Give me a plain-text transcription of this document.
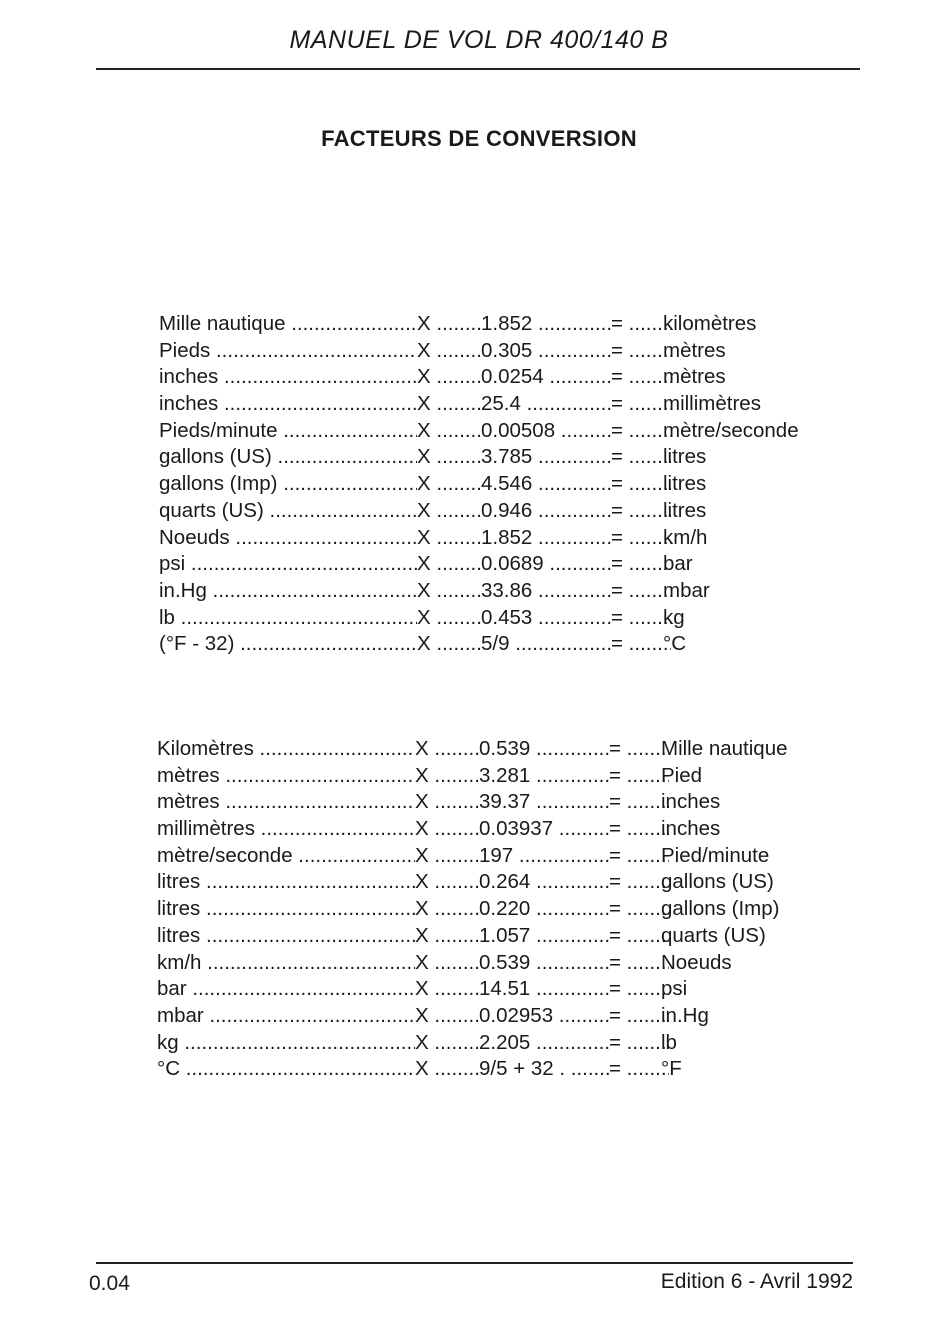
MANUEL DE VOL DR 400/140 B
FACTEURS DE CONVERSION
Mille nautique .....	X .....	1.852 .....	= .....	kilomètres
Pieds .....	X .....	0.305 .....	= .....	mètres
inches .....	X .....	0.0254 .....	= .....	mètres
inches .....	X .....	25.4 .....	= .....	millimètres
Pieds/minute .....	X .....	0.00508 .....	= .....	mètre/seconde
gallons (US) .....	X .....	3.785 .....	= .....	litres
gallons (Imp) .....	X .....	4.546 .....	= .....	litres
quarts (US) .....	X .....	0.946 .....	= .....	litres
Noeuds .....	X .....	1.852 .....	= .....	km/h
psi .....	X .....	0.0689 .....	= .....	bar
in.Hg .....	X .....	33.86 .....	= .....	mbar
lb .....	X .....	0.453 .....	= .....	kg
(°F - 32) .....	X .....	5/9 .....	= .....	°C
Kilomètres .....	X .....	0.539 .....	= .....	Mille nautique
mètres .....	X .....	3.281 .....	= .....	Pied
mètres .....	X .....	39.37 .....	= .....	inches
millimètres .....	X .....	0.03937 .....	= .....	inches
mètre/seconde .....	X .....	197 .....	= .....	Pied/minute
litres .....	X .....	0.264 .....	= .....	gallons (US)
litres .....	X .....	0.220 .....	= .....	gallons (Imp)
litres .....	X .....	1.057 .....	= .....	quarts (US)
km/h .....	X .....	0.539 .....	= .....	Noeuds
bar .....	X .....	14.51 .....	= .....	psi
mbar .....	X .....	0.02953 .....	= .....	in.Hg
kg .....	X .....	2.205 .....	= .....	lb
°C .....	X .....	9/5 + 32 . .....	= .....	°F
0.04	Edition 6 - Avril 1992
